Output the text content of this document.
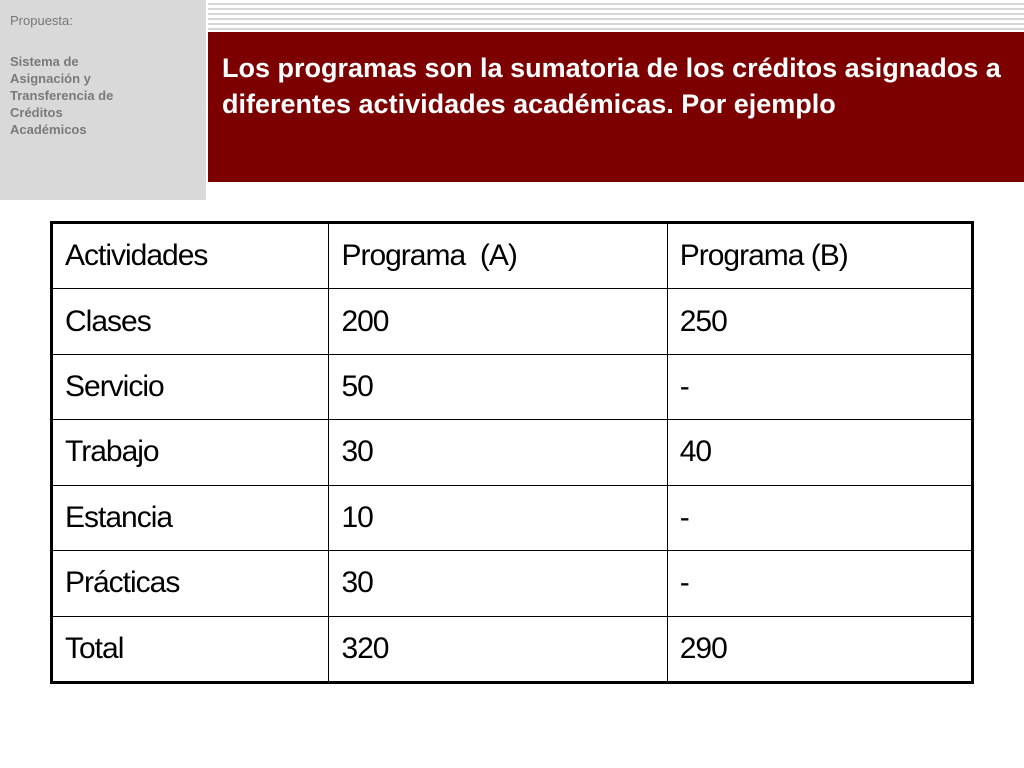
Propuesta:
Sistema de
Asignación y
Transferencia de
Créditos
Académicos
Los programas son la sumatoria de los créditos asignados a diferentes actividades académicas. Por ejemplo
Actividades	Programa  (A)	Programa (B)
Clases	200	250
Servicio	50	-
Trabajo	30	40
Estancia	10	-
Prácticas	30	-
Total	320	290
